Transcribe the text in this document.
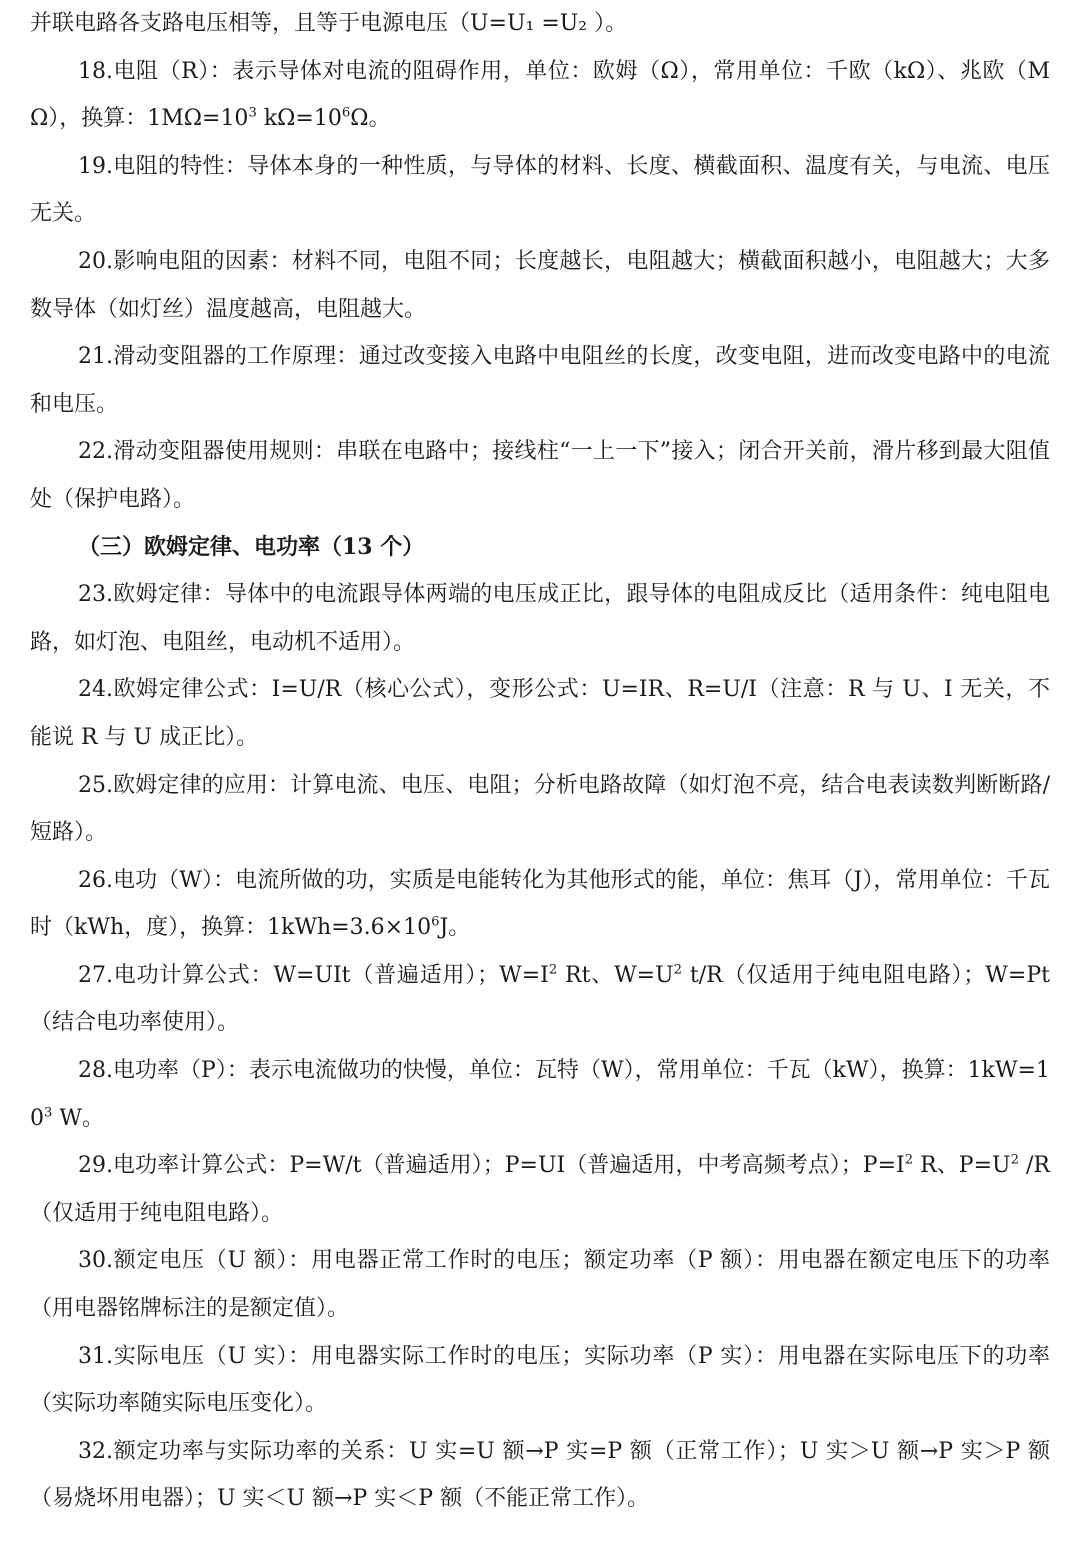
并联电路各支路电压相等，且等于电源电压（U=U₁ =U₂ ）。

18.电阻（R）：表示导体对电流的阻碍作用，单位：欧姆（Ω），常用单位：千欧（kΩ）、兆欧（MΩ），换算：$1M\Omega=10^3$ $k\Omega=10^6\Omega$。

19.电阻的特性：导体本身的一种性质，与导体的材料、长度、横截面积、温度有关，与电流、电压无关。

20.影响电阻的因素：材料不同，电阻不同；长度越长，电阻越大；横截面积越小，电阻越大；大多数导体（如灯丝）温度越高，电阻越大。

21.滑动变阻器的工作原理：通过改变接入电路中电阻丝的长度，改变电阻，进而改变电路中的电流和电压。

22.滑动变阻器使用规则：串联在电路中；接线柱“一上一下”接入；闭合开关前，滑片移到最大阻值处（保护电路）。

（三）欧姆定律、电功率（13 个）

23.欧姆定律：导体中的电流跟导体两端的电压成正比，跟导体的电阻成反比（适用条件：纯电阻电路，如灯泡、电阻丝，电动机不适用）。

24.欧姆定律公式：I=U/R（核心公式），变形公式：U=IR、R=U/I（注意：R 与 U、I 无关，不能说 R 与 U 成正比）。

25.欧姆定律的应用：计算电流、电压、电阻；分析电路故障（如灯泡不亮，结合电表读数判断断路/短路）。

26.电功（W）：电流所做的功，实质是电能转化为其他形式的能，单位：焦耳（J），常用单位：千瓦时（kWh，度），换算：$1kWh=3.6\times 10^6J$。

27.电功计算公式：W=UIt（普遍适用）；$W=I^2$ Rt、$W=U^2$ t/R（仅适用于纯电阻电路）；W=Pt（结合电功率使用）。

28.电功率（P）：表示电流做功的快慢，单位：瓦特（W），常用单位：千瓦（kW），换算：$1kW=10^3$ W。

29.电功率计算公式：P=W/t（普遍适用）；P=UI（普遍适用，中考高频考点）；$P=I^2$ R、$P=U^2$ /R（仅适用于纯电阻电路）。

30.额定电压（U 额）：用电器正常工作时的电压；额定功率（P 额）：用电器在额定电压下的功率（用电器铭牌标注的是额定值）。

31.实际电压（U 实）：用电器实际工作时的电压；实际功率（P 实）：用电器在实际电压下的功率（实际功率随实际电压变化）。

32.额定功率与实际功率的关系：U 实=U 额→P 实=P 额（正常工作）；U 实＞U 额→P 实＞P 额（易烧坏用电器）；U 实＜U 额→P 实＜P 额（不能正常工作）。
